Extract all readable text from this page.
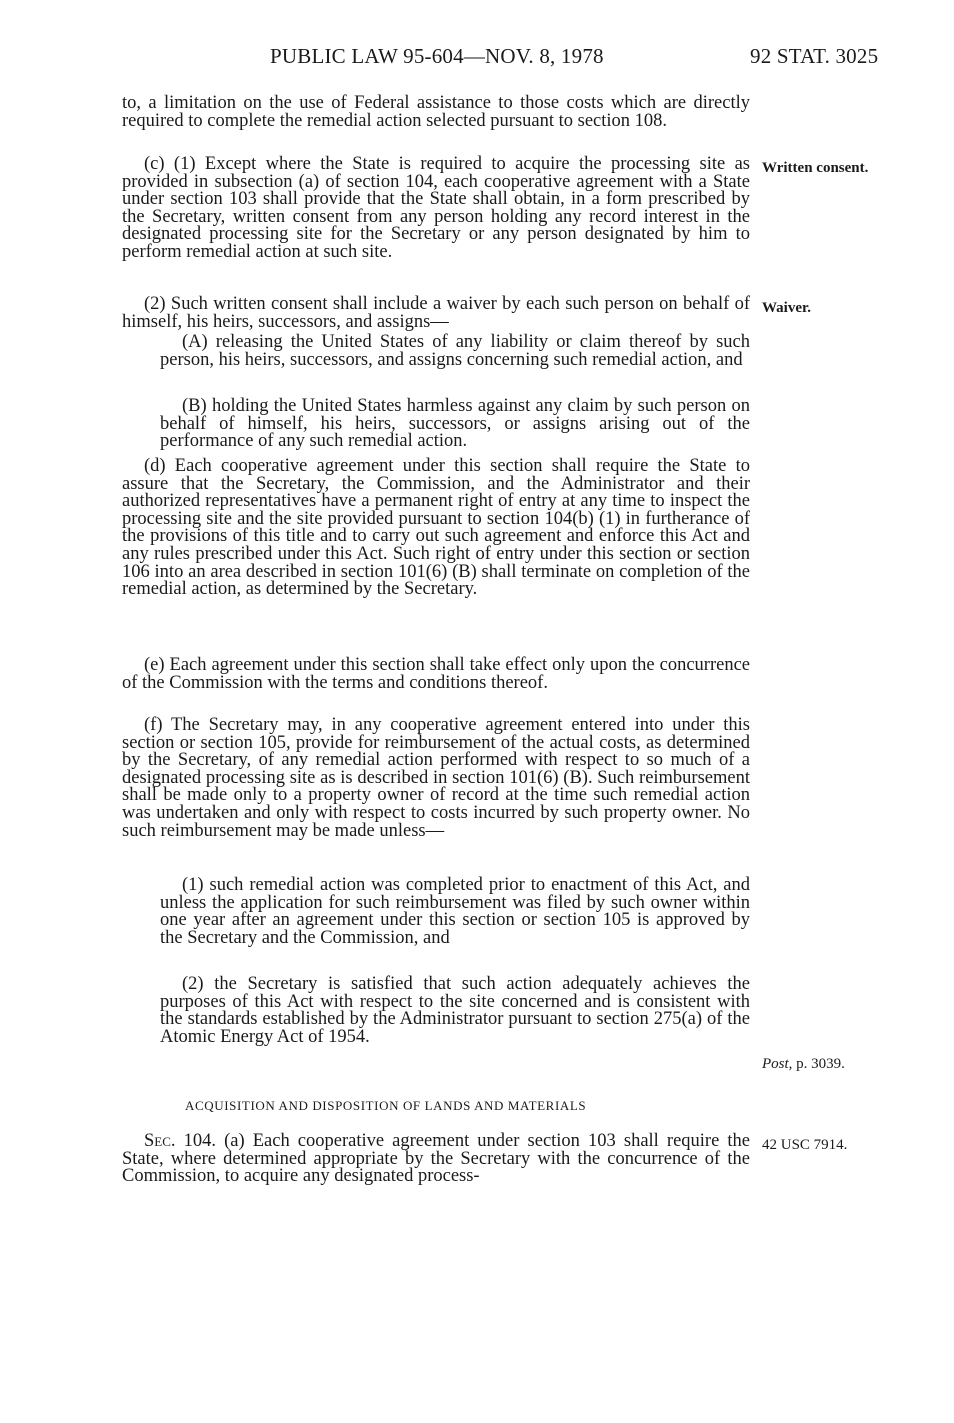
PUBLIC LAW 95-604—NOV. 8, 1978	92 STAT. 3025

to, a limitation on the use of Federal assistance to those costs which are directly required to complete the remedial action selected pursuant to section 108.

(c) (1) Except where the State is required to acquire the processing site as provided in subsection (a) of section 104, each cooperative agreement with a State under section 103 shall provide that the State shall obtain, in a form prescribed by the Secretary, written consent from any person holding any record interest in the designated processing site for the Secretary or any person designated by him to perform remedial action at such site.

(2) Such written consent shall include a waiver by each such person on behalf of himself, his heirs, successors, and assigns—

(A) releasing the United States of any liability or claim thereof by such person, his heirs, successors, and assigns concerning such remedial action, and

(B) holding the United States harmless against any claim by such person on behalf of himself, his heirs, successors, or assigns arising out of the performance of any such remedial action.

(d) Each cooperative agreement under this section shall require the State to assure that the Secretary, the Commission, and the Administrator and their authorized representatives have a permanent right of entry at any time to inspect the processing site and the site provided pursuant to section 104(b) (1) in furtherance of the provisions of this title and to carry out such agreement and enforce this Act and any rules prescribed under this Act. Such right of entry under this section or section 106 into an area described in section 101(6) (B) shall terminate on completion of the remedial action, as determined by the Secretary.

(e) Each agreement under this section shall take effect only upon the concurrence of the Commission with the terms and conditions thereof.

(f) The Secretary may, in any cooperative agreement entered into under this section or section 105, provide for reimbursement of the actual costs, as determined by the Secretary, of any remedial action performed with respect to so much of a designated processing site as is described in section 101(6) (B). Such reimbursement shall be made only to a property owner of record at the time such remedial action was undertaken and only with respect to costs incurred by such property owner. No such reimbursement may be made unless—

(1) such remedial action was completed prior to enactment of this Act, and unless the application for such reimbursement was filed by such owner within one year after an agreement under this section or section 105 is approved by the Secretary and the Commission, and

(2) the Secretary is satisfied that such action adequately achieves the purposes of this Act with respect to the site concerned and is consistent with the standards established by the Administrator pursuant to section 275(a) of the Atomic Energy Act of 1954.

ACQUISITION AND DISPOSITION OF LANDS AND MATERIALS

Sec. 104. (a) Each cooperative agreement under section 103 shall require the State, where determined appropriate by the Secretary with the concurrence of the Commission, to acquire any designated process-

Written consent.
Waiver.
Post, p. 3039.
42 USC 7914.
